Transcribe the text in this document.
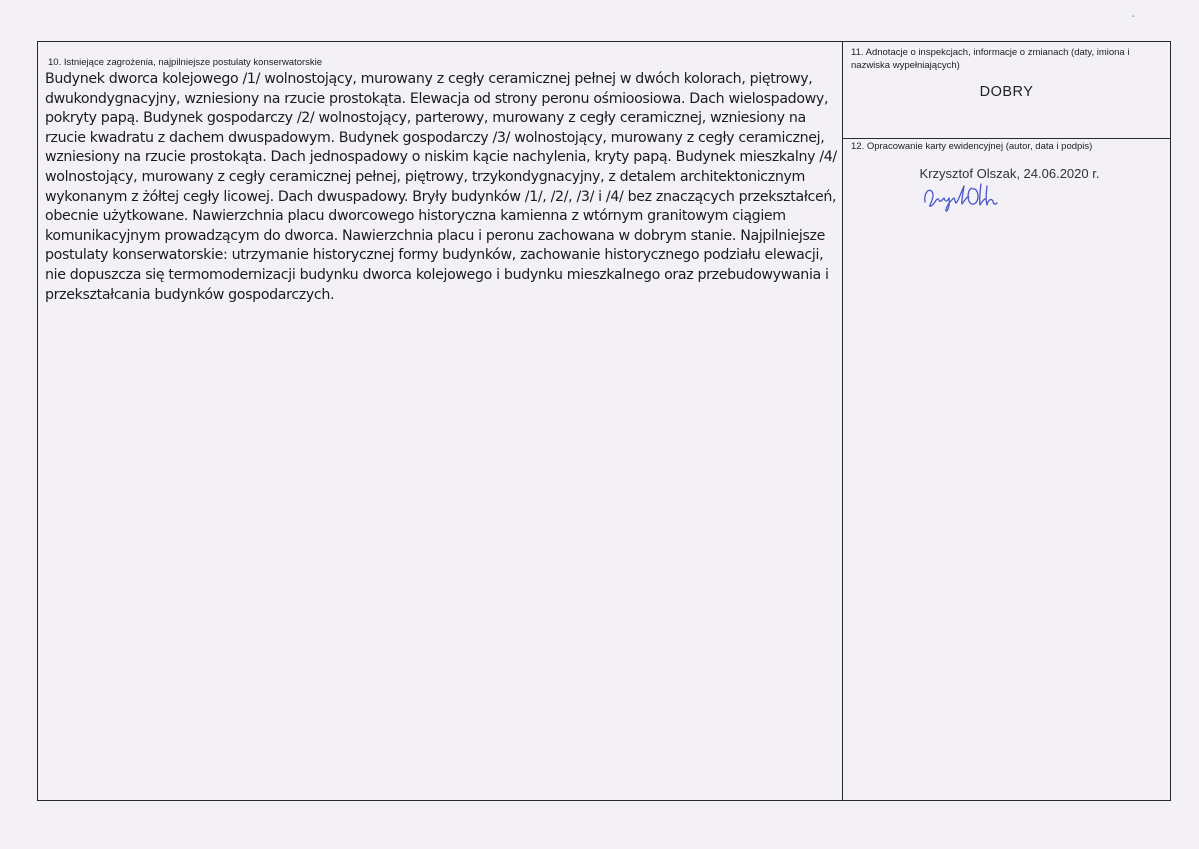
-
10. Istniejące zagrożenia, najpilniejsze postulaty konserwatorskie
Budynek dworca kolejowego /1/ wolnostojący, murowany z cegły ceramicznej pełnej w dwóch kolorach, piętrowy, dwukondygnacyjny, wzniesiony na rzucie prostokąta. Elewacja od strony peronu ośmioosiowa. Dach wielospadowy, pokryty papą. Budynek gospodarczy /2/ wolnostojący, parterowy, murowany z cegły ceramicznej, wzniesiony na rzucie kwadratu z dachem dwuspadowym. Budynek gospodarczy /3/ wolnostojący, murowany z cegły ceramicznej, wzniesiony na rzucie prostokąta. Dach jednospadowy o niskim kącie nachylenia, kryty papą. Budynek mieszkalny /4/ wolnostojący, murowany z cegły ceramicznej pełnej, piętrowy, trzykondygnacyjny, z detalem architektonicznym wykonanym z żółtej cegły licowej. Dach dwuspadowy. Bryły budynków /1/, /2/, /3/ i /4/ bez znaczących przekształceń, obecnie użytkowane. Nawierzchnia placu dworcowego historyczna kamienna z wtórnym granitowym ciągiem komunikacyjnym prowadzącym do dworca. Nawierzchnia placu i peronu zachowana w dobrym stanie. Najpilniejsze postulaty konserwatorskie: utrzymanie historycznej formy budynków, zachowanie historycznego podziału elewacji, nie dopuszcza się termomodernizacji budynku dworca kolejowego i budynku mieszkalnego oraz przebudowywania i przekształcania budynków gospodarczych.
11. Adnotacje o inspekcjach, informacje o zmianach (daty, imiona i nazwiska wypełniających)
DOBRY
12. Opracowanie karty ewidencyjnej (autor, data i podpis)
Krzysztof Olszak, 24.06.2020 r.
